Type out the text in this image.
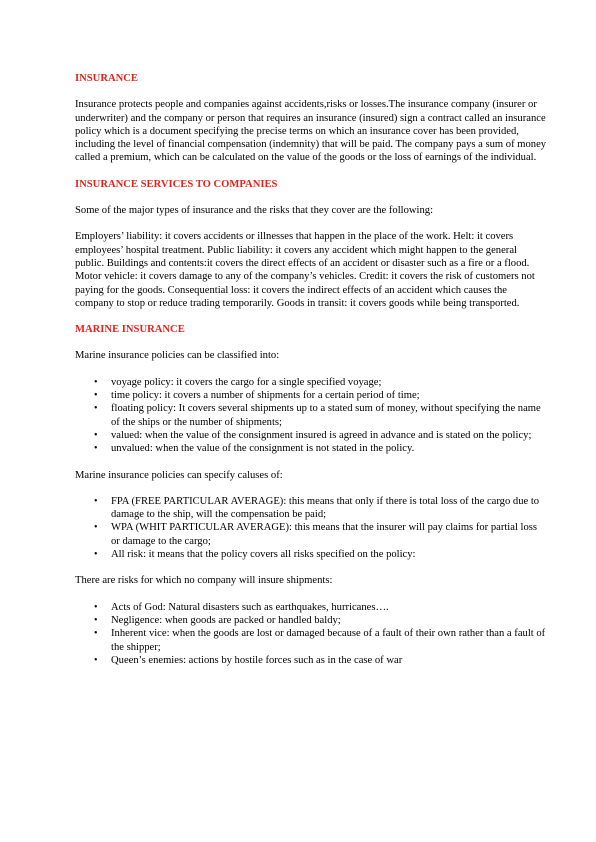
INSURANCE

Insurance protects people and companies against accidents,risks or losses.The insurance company (insurer or underwriter) and the company or person that requires an insurance (insured) sign a contract called an insurance policy which is a document specifying the precise terms on which an insurance cover has been provided, including the level of financial compensation (indemnity) that will be paid. The company pays a sum of money called a premium, which can be calculated on the value of the goods or the loss of earnings of the individual.

INSURANCE SERVICES TO COMPANIES

Some of the major types of insurance and the risks that they cover are the following:

Employers’ liability: it covers accidents or illnesses that happen in the place of the work. Helt: it covers employees’ hospital treatment. Public liability: it covers any accident which might happen to the general public. Buildings and contents:it covers the direct effects of an accident or disaster such as a fire or a flood. Motor vehicle: it covers damage to any of the company’s vehicles. Credit: it covers the risk of customers not paying for the goods. Consequential loss: it covers the indirect effects of an accident which causes the company to stop or reduce trading temporarily. Goods in transit: it covers goods while being transported.

MARINE INSURANCE

Marine insurance policies can be classified into:

• voyage policy: it covers the cargo for a single specified voyage;
• time policy: it covers a number of shipments for a certain period of time;
• floating policy: It covers several shipments up to a stated sum of money, without specifying the name of the ships or the number of shipments;
• valued: when the value of the consignment insured is agreed in advance and is stated on the policy;
• unvalued: when the value of the consignment is not stated in the policy.

Marine insurance policies can specify caluses of:

• FPA (FREE PARTICULAR AVERAGE): this means that only if there is total loss of the cargo due to damage to the ship, will the compensation be paid;
• WPA (WHIT PARTICULAR AVERAGE): this means that the insurer will pay claims for partial loss or damage to the cargo;
• All risk: it means that the policy covers all risks specified on the policy:

There are risks for which no company will insure shipments:

• Acts of God: Natural disasters such as earthquakes, hurricanes….
• Negligence: when goods are packed or handled baldy;
• Inherent vice: when the goods are lost or damaged because of a fault of their own rather than a fault of the shipper;
• Queen’s enemies: actions by hostile forces such as in the case of war
